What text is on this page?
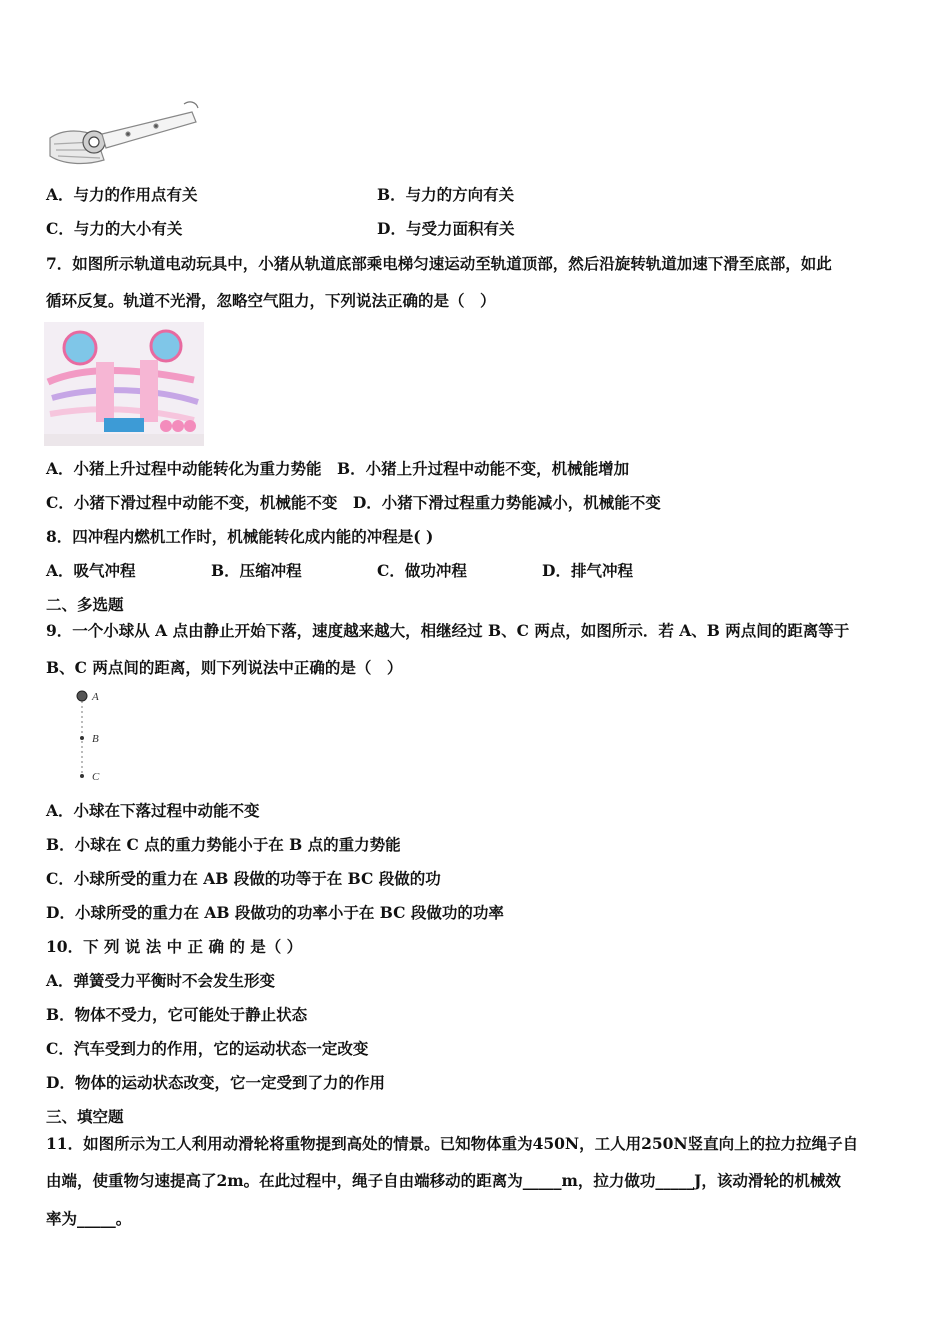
A．与力的作用点有关	B．与力的方向有关
C．与力的大小有关	D．与受力面积有关
7．如图所示轨道电动玩具中，小猪从轨道底部乘电梯匀速运动至轨道顶部，然后沿旋转轨道加速下滑至底部，如此
循环反复。轨道不光滑，忽略空气阻力，下列说法正确的是（　）
A．小猪上升过程中动能转化为重力势能　B．小猪上升过程中动能不变，机械能增加
C．小猪下滑过程中动能不变，机械能不变　D．小猪下滑过程重力势能减小，机械能不变
8．四冲程内燃机工作时，机械能转化成内能的冲程是( )
A．吸气冲程	B．压缩冲程	C．做功冲程	D．排气冲程
二、多选题
9．一个小球从 A 点由静止开始下落，速度越来越大，相继经过 B、C 两点，如图所示．若 A、B 两点间的距离等于
B、C 两点间的距离，则下列说法中正确的是（　）
A
B
C
A．小球在下落过程中动能不变
B．小球在 C 点的重力势能小于在 B 点的重力势能
C．小球所受的重力在 AB 段做的功等于在 BC 段做的功
D．小球所受的重力在 AB 段做功的功率小于在 BC 段做功的功率
10．下 列 说 法 中 正 确 的 是（ ）
A．弹簧受力平衡时不会发生形变
B．物体不受力，它可能处于静止状态
C．汽车受到力的作用，它的运动状态一定改变
D．物体的运动状态改变，它一定受到了力的作用
三、填空题
11．如图所示为工人利用动滑轮将重物提到高处的情景。已知物体重为450N，工人用250N竖直向上的拉力拉绳子自
由端，使重物匀速提高了2m。在此过程中，绳子自由端移动的距离为_____m，拉力做功_____J，该动滑轮的机械效
率为_____。
